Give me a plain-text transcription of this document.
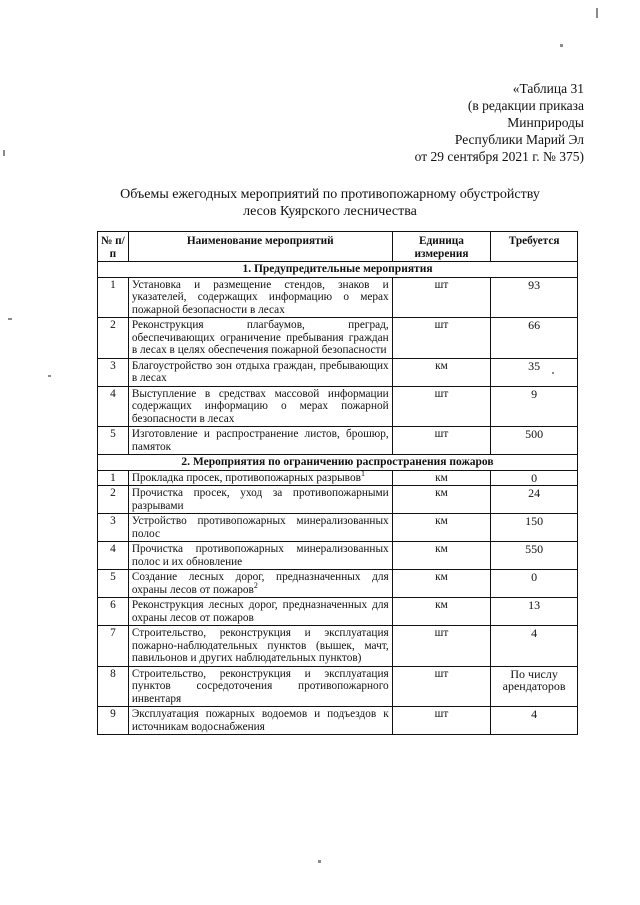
«Таблица 31
(в редакции приказа
Минприроды
Республики Марий Эл
от 29 сентября 2021 г. № 375)
Объемы ежегодных мероприятий по противопожарному обустройству
лесов Куярского лесничества
№ п/п	Наименование мероприятий	Единица измерения	Требуется
1. Предупредительные мероприятия			
1	Установка и размещение стендов, знаков и указателей, содержащих информацию о мерах пожарной безопасности в лесах	шт	93
2	Реконструкция плагбаумов, преград, обеспечивающих ограничение пребывания граждан в лесах в целях обеспечения пожарной безопасности	шт	66
3	Благоустройство зон отдыха граждан, пребывающих в лесах	км	35
4	Выступление в средствах массовой информации содержащих информацию о мерах пожарной безопасности в лесах	шт	9
5	Изготовление и распространение листов, брошюр, памяток	шт	500
2. Мероприятия по ограничению распространения пожаров			
1	Прокладка просек, противопожарных разрывов$^1$	км	0
2	Прочистка просек, уход за противопожарными разрывами	км	24
3	Устройство противопожарных минерализованных полос	км	150
4	Прочистка противопожарных минерализованных полос и их обновление	км	550
5	Создание лесных дорог, предназначенных для охраны лесов от пожаров$^2$	км	0
6	Реконструкция лесных дорог, предназначенных для охраны лесов от пожаров	км	13
7	Строительство, реконструкция и эксплуатация пожарно-наблюдательных пунктов (вышек, мачт, павильонов и других наблюдательных пунктов)	шт	4
8	Строительство, реконструкция и эксплуатация пунктов сосредоточения противопожарного инвентаря	шт	По числу арендаторов
9	Эксплуатация пожарных водоемов и подъездов к источникам водоснабжения	шт	4
